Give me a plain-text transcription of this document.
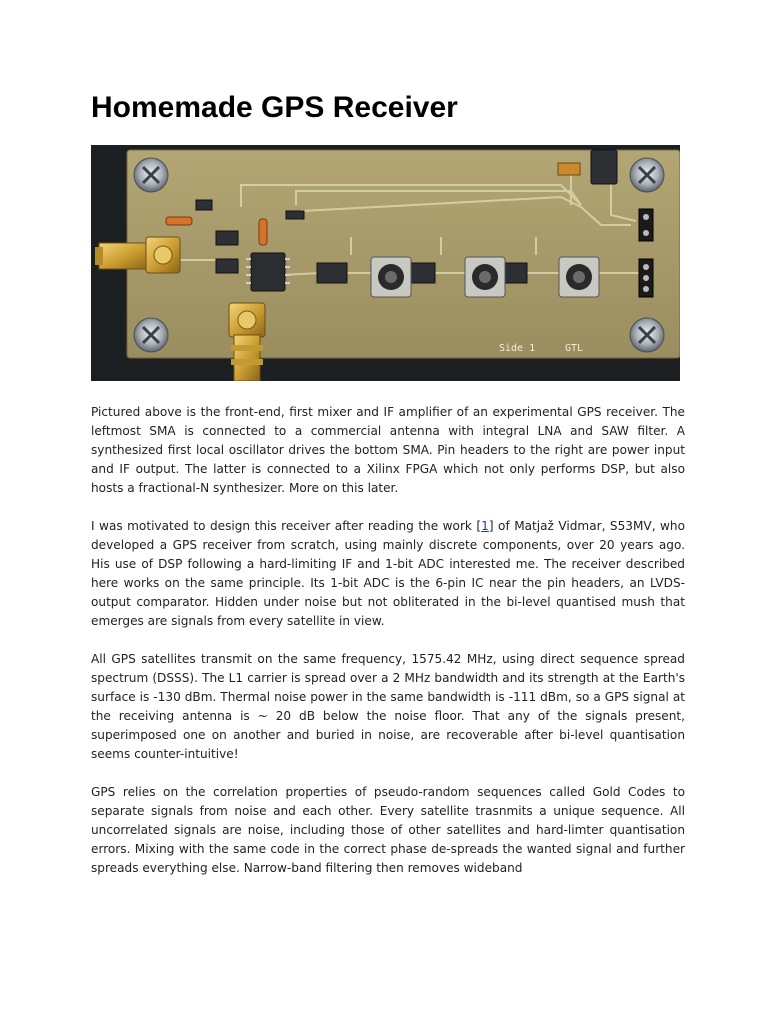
Homemade GPS Receiver
Side 1	GTL

Pictured above is the front-end, first mixer and IF amplifier of an experimental GPS receiver. The leftmost SMA is connected to a commercial antenna with integral LNA and SAW filter. A synthesized first local oscillator drives the bottom SMA. Pin headers to the right are power input and IF output. The latter is connected to a Xilinx FPGA which not only performs DSP, but also hosts a fractional-N synthesizer. More on this later.

I was motivated to design this receiver after reading the work [1] of Matjaž Vidmar, S53MV, who developed a GPS receiver from scratch, using mainly discrete components, over 20 years ago. His use of DSP following a hard-limiting IF and 1-bit ADC interested me. The receiver described here works on the same principle. Its 1-bit ADC is the 6-pin IC near the pin headers, an LVDS-output comparator. Hidden under noise but not obliterated in the bi-level quantised mush that emerges are signals from every satellite in view.

All GPS satellites transmit on the same frequency, 1575.42 MHz, using direct sequence spread spectrum (DSSS). The L1 carrier is spread over a 2 MHz bandwidth and its strength at the Earth's surface is -130 dBm. Thermal noise power in the same bandwidth is -111 dBm, so a GPS signal at the receiving antenna is ~ 20 dB below the noise floor. That any of the signals present, superimposed one on another and buried in noise, are recoverable after bi-level quantisation seems counter-intuitive!

GPS relies on the correlation properties of pseudo-random sequences called Gold Codes to separate signals from noise and each other. Every satellite trasnmits a unique sequence. All uncorrelated signals are noise, including those of other satellites and hard-limter quantisation errors. Mixing with the same code in the correct phase de-spreads the wanted signal and further spreads everything else. Narrow-band filtering then removes wideband
